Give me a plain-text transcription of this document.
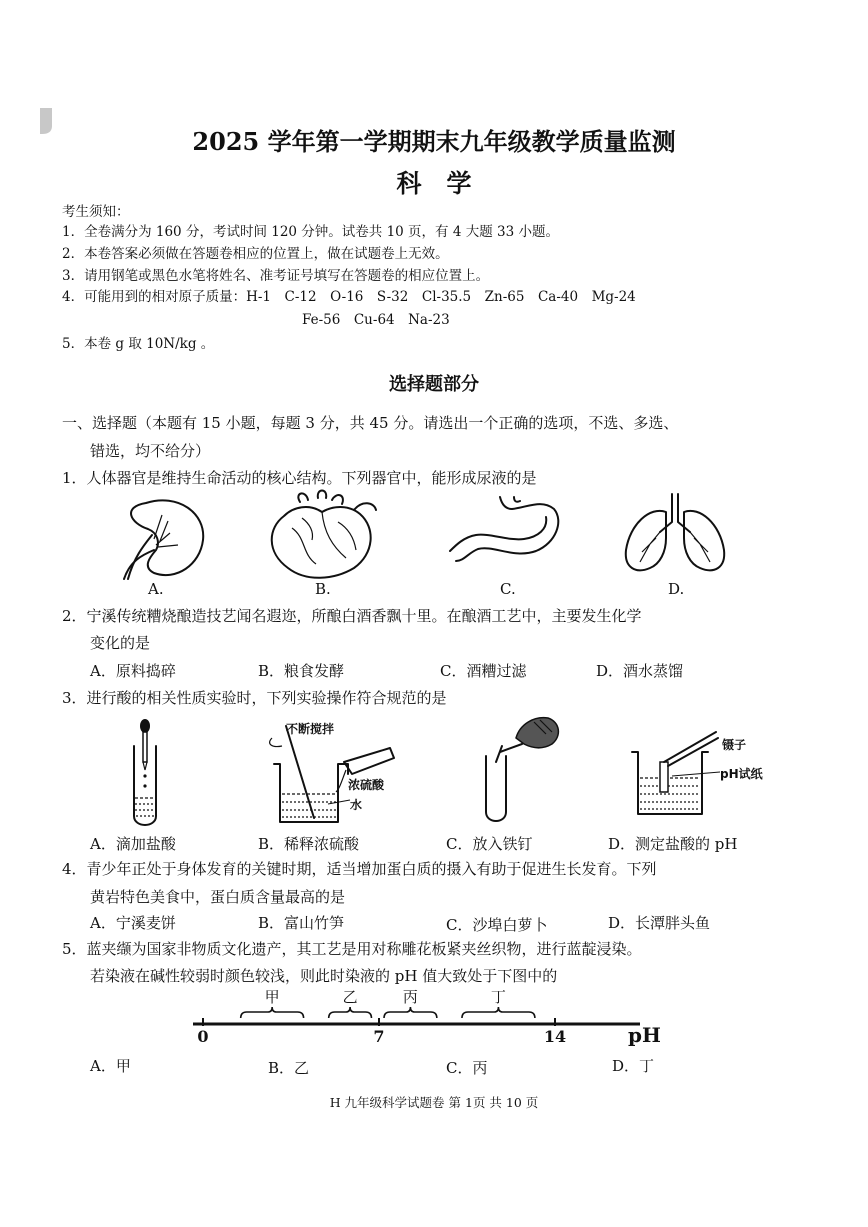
2025 学年第一学期期末九年级教学质量监测
科　学
考生须知：
1．全卷满分为 160 分，考试时间 120 分钟。试卷共 10 页，有 4 大题 33 小题。
2．本卷答案必须做在答题卷相应的位置上，做在试题卷上无效。
3．请用钢笔或黑色水笔将姓名、准考证号填写在答题卷的相应位置上。
4．可能用到的相对原子质量：H-1　C-12　O-16　S-32　Cl-35.5　Zn-65　Ca-40　Mg-24
Fe-56　Cu-64　Na-23
5．本卷 g 取 10N/kg 。
选择题部分
一、选择题（本题有 15 小题，每题 3 分，共 45 分。请选出一个正确的选项，不选、多选、
错选，均不给分）
1．人体器官是维持生命活动的核心结构。下列器官中，能形成尿液的是
A.	B.	C.	D.
2．宁溪传统糟烧酿造技艺闻名遐迩，所酿白酒香飘十里。在酿酒工艺中，主要发生化学
变化的是
A．原料捣碎	B．粮食发酵	C．酒糟过滤	D．酒水蒸馏
3．进行酸的相关性质实验时，下列实验操作符合规范的是
不断搅拌
浓硫酸
水
镊子
pH试纸
A．滴加盐酸	B．稀释浓硫酸	C．放入铁钉	D．测定盐酸的 pH
4．青少年正处于身体发育的关键时期，适当增加蛋白质的摄入有助于促进生长发育。下列
黄岩特色美食中，蛋白质含量最高的是
A．宁溪麦饼	B．富山竹笋	C．沙埠白萝卜	D．长潭胖头鱼
5．蓝夹缬为国家非物质文化遗产，其工艺是用对称雕花板紧夹丝织物，进行蓝靛浸染。
若染液在碱性较弱时颜色较浅，则此时染液的 pH 值大致处于下图中的
0	7	14	pH
甲	乙	丙	丁
A．甲	B．乙	C．丙	D．丁
H 九年级科学试题卷 第 1页 共 10 页
